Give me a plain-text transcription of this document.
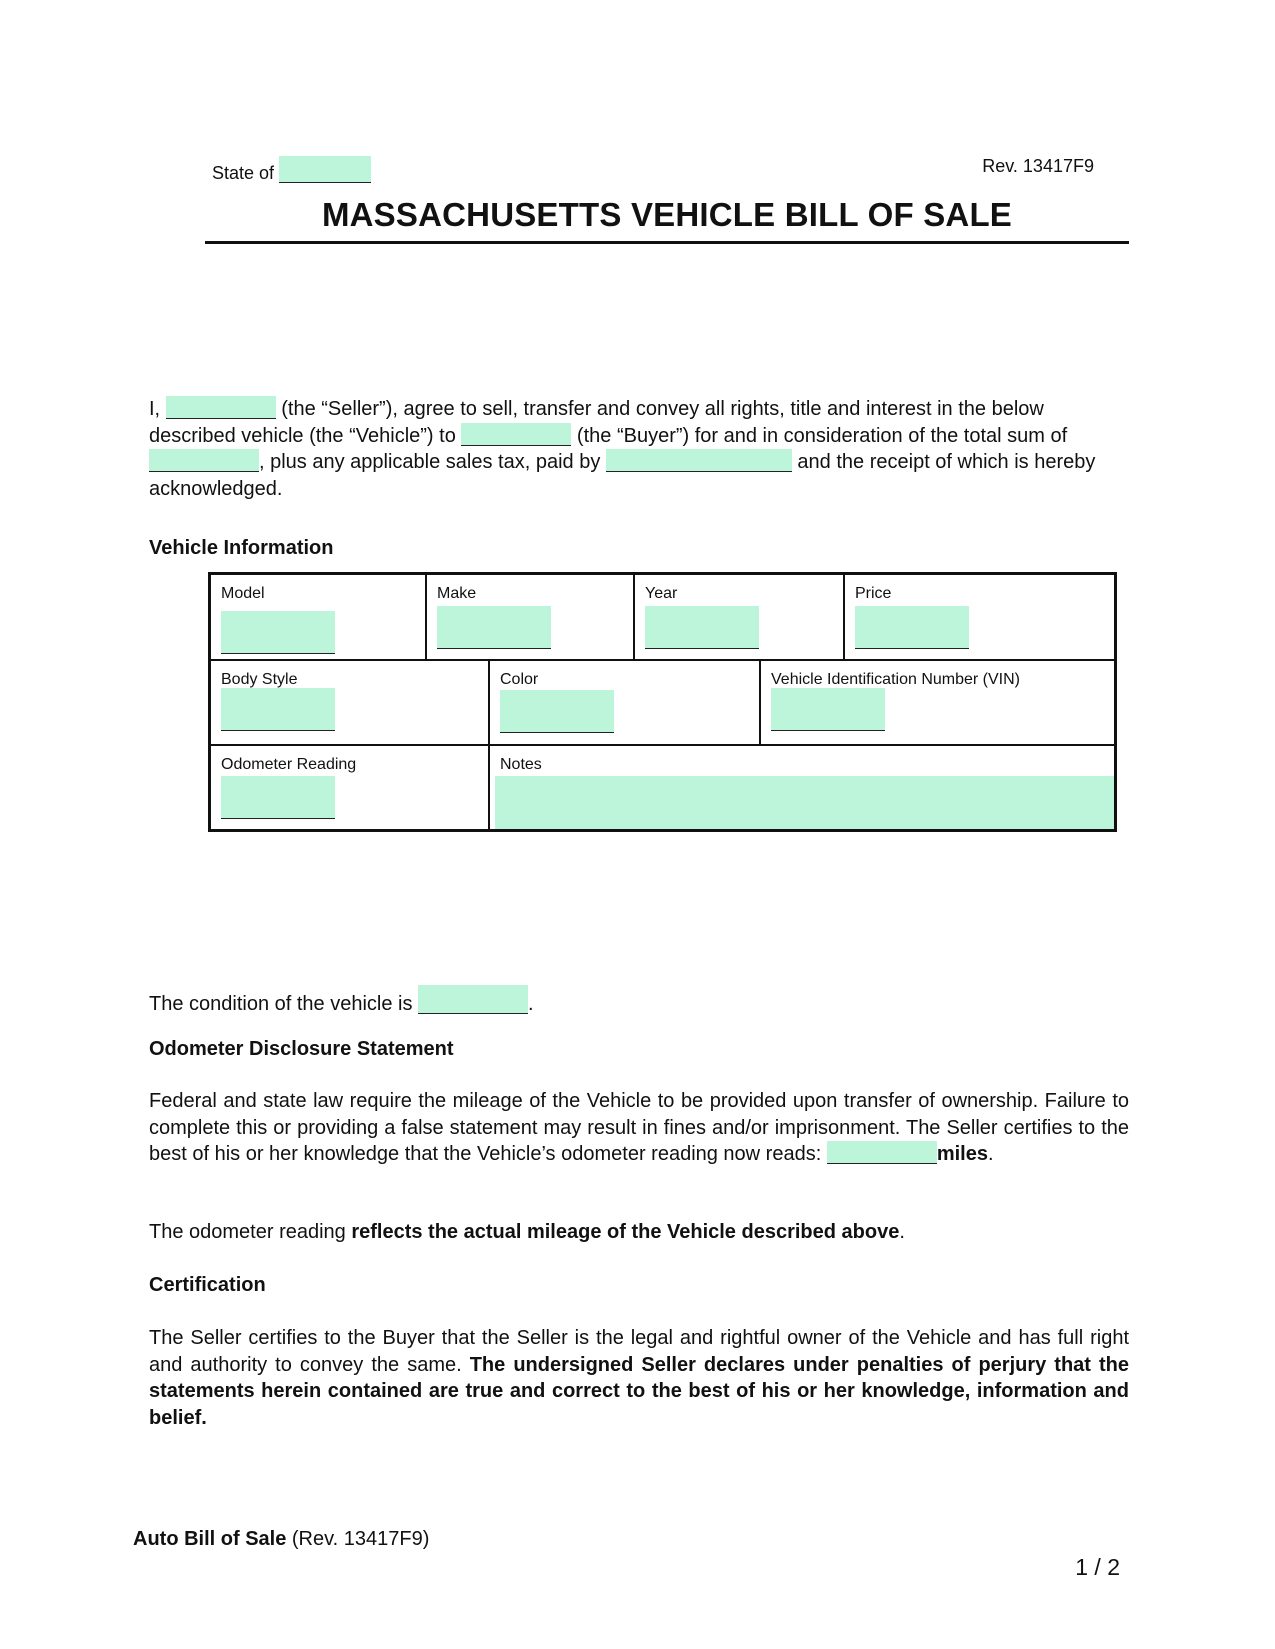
State of	Rev. 13417F9
MASSACHUSETTS VEHICLE BILL OF SALE
I,	(the “Seller”), agree to sell, transfer and convey all rights, title and interest in the below described vehicle (the “Vehicle”) to	(the “Buyer”) for and in consideration of the total sum of , plus any applicable sales tax, paid by	and the receipt of which is hereby acknowledged.
Vehicle Information
Model	Make	Year	Price
Body Style	Color	Vehicle Identification Number (VIN)
Odometer Reading	Notes
The condition of the vehicle is	.
Odometer Disclosure Statement
Federal and state law require the mileage of the Vehicle to be provided upon transfer of ownership. Failure to complete this or providing a false statement may result in fines and/or imprisonment. The Seller certifies to the best of his or her knowledge that the Vehicle’s odometer reading now reads:	miles.
The odometer reading reflects the actual mileage of the Vehicle described above.
Certification
The Seller certifies to the Buyer that the Seller is the legal and rightful owner of the Vehicle and has full right and authority to convey the same. The undersigned Seller declares under penalties of perjury that the statements herein contained are true and correct to the best of his or her knowledge, information and belief.
Auto Bill of Sale (Rev. 13417F9)
1 / 2
